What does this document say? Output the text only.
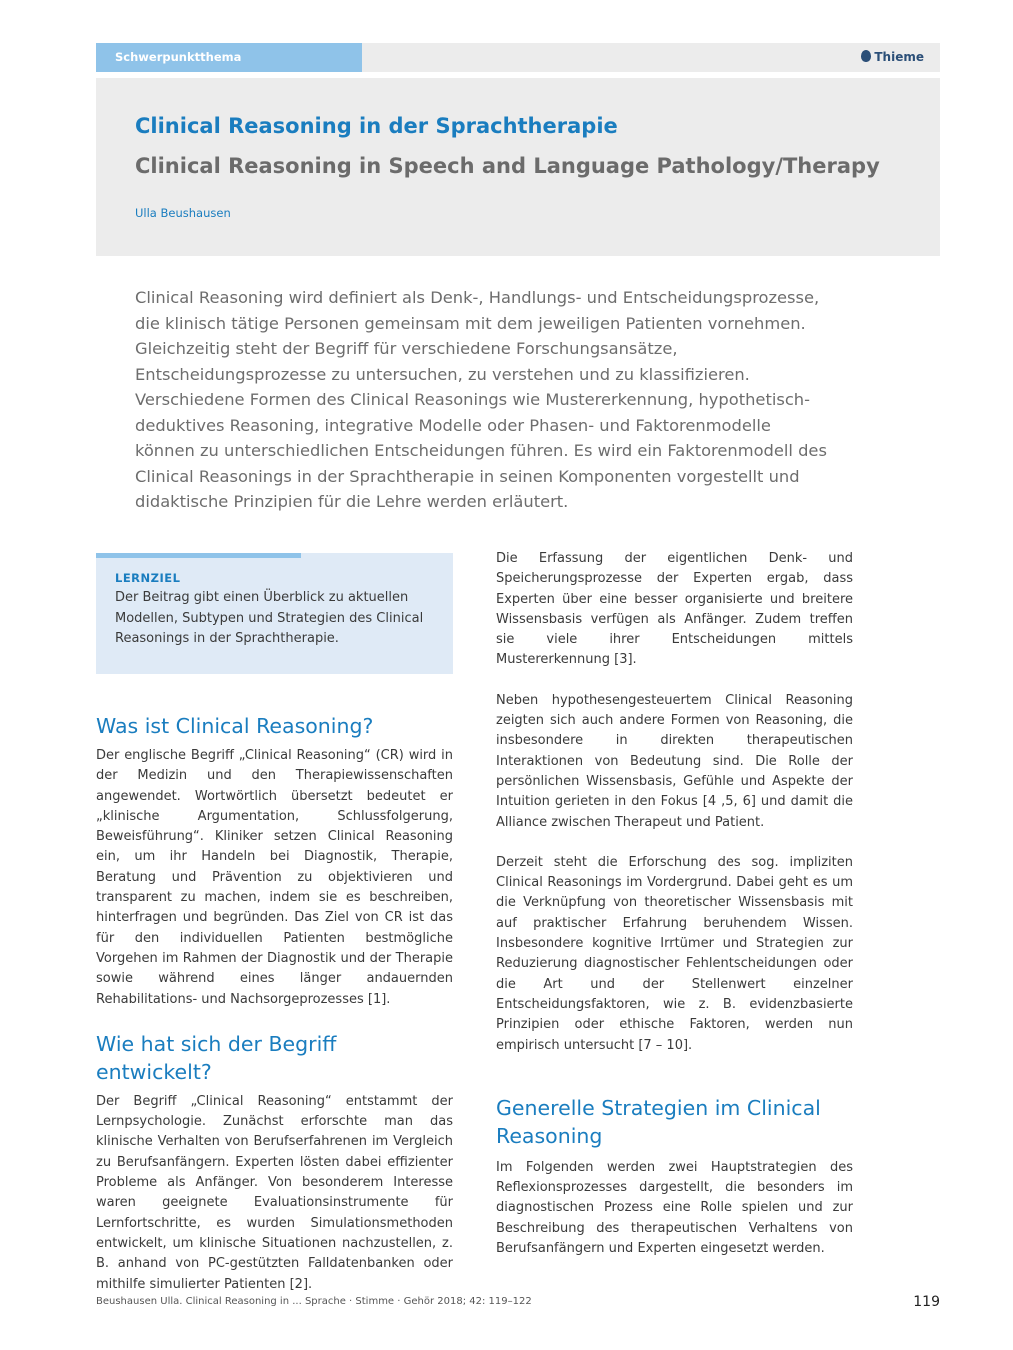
Schwerpunktthema	Thieme
Clinical Reasoning in der Sprachtherapie
Clinical Reasoning in Speech and Language Pathology/Therapy
Ulla Beushausen

Clinical Reasoning wird definiert als Denk-, Handlungs- und Entscheidungsprozesse, die klinisch tätige Personen gemeinsam mit dem jeweiligen Patienten vornehmen. Gleichzeitig steht der Begriff für verschiedene Forschungsansätze, Entscheidungsprozesse zu untersuchen, zu verstehen und zu klassifizieren. Verschiedene Formen des Clinical Reasonings wie Mustererkennung, hypothetisch-deduktives Reasoning, integrative Modelle oder Phasen- und Faktorenmodelle können zu unterschiedlichen Entscheidungen führen. Es wird ein Faktorenmodell des Clinical Reasonings in der Sprachtherapie in seinen Komponenten vorgestellt und didaktische Prinzipien für die Lehre werden erläutert.

LERNZIEL

Der Beitrag gibt einen Überblick zu aktuellen Modellen, Subtypen und Strategien des Clinical Reasonings in der Sprachtherapie.

Was ist Clinical Reasoning?

Der englische Begriff „Clinical Reasoning“ (CR) wird in der Medizin und den Therapiewissenschaften angewendet. Wortwörtlich übersetzt bedeutet er „klinische Argumentation, Schlussfolgerung, Beweisführung“. Kliniker setzen Clinical Reasoning ein, um ihr Handeln bei Diagnostik, Therapie, Beratung und Prävention zu objektivieren und transparent zu machen, indem sie es beschreiben, hinterfragen und begründen. Das Ziel von CR ist das für den individuellen Patienten bestmögliche Vorgehen im Rahmen der Diagnostik und der Therapie sowie während eines länger andauernden Rehabilitations- und Nachsorgeprozesses [1].

Wie hat sich der Begriff entwickelt?

Der Begriff „Clinical Reasoning“ entstammt der Lernpsychologie. Zunächst erforschte man das klinische Verhalten von Berufserfahrenen im Vergleich zu Berufsanfängern. Experten lösten dabei effizienter Probleme als Anfänger. Von besonderem Interesse waren geeignete Evaluationsinstrumente für Lernfortschritte, es wurden Simulationsmethoden entwickelt, um klinische Situationen nachzustellen, z. B. anhand von PC-gestützten Falldatenbanken oder mithilfe simulierter Patienten [2].

Die Erfassung der eigentlichen Denk- und Speicherungsprozesse der Experten ergab, dass Experten über eine besser organisierte und breitere Wissensbasis verfügen als Anfänger. Zudem treffen sie viele ihrer Entscheidungen mittels Mustererkennung [3].

Neben hypothesengesteuertem Clinical Reasoning zeigten sich auch andere Formen von Reasoning, die insbesondere in direkten therapeutischen Interaktionen von Bedeutung sind. Die Rolle der persönlichen Wissensbasis, Gefühle und Aspekte der Intuition gerieten in den Fokus [4 ,5, 6] und damit die Alliance zwischen Therapeut und Patient.

Derzeit steht die Erforschung des sog. impliziten Clinical Reasonings im Vordergrund. Dabei geht es um die Verknüpfung von theoretischer Wissensbasis mit auf praktischer Erfahrung beruhendem Wissen. Insbesondere kognitive Irrtümer und Strategien zur Reduzierung diagnostischer Fehlentscheidungen oder die Art und der Stellenwert einzelner Entscheidungsfaktoren, wie z. B. evidenzbasierte Prinzipien oder ethische Faktoren, werden nun empirisch untersucht [7 – 10].

Generelle Strategien im Clinical Reasoning

Im Folgenden werden zwei Hauptstrategien des Reflexionsprozesses dargestellt, die besonders im diagnostischen Prozess eine Rolle spielen und zur Beschreibung des therapeutischen Verhaltens von Berufsanfängern und Experten eingesetzt werden.

Beushausen Ulla. Clinical Reasoning in ... Sprache · Stimme · Gehör 2018; 42: 119–122	119
